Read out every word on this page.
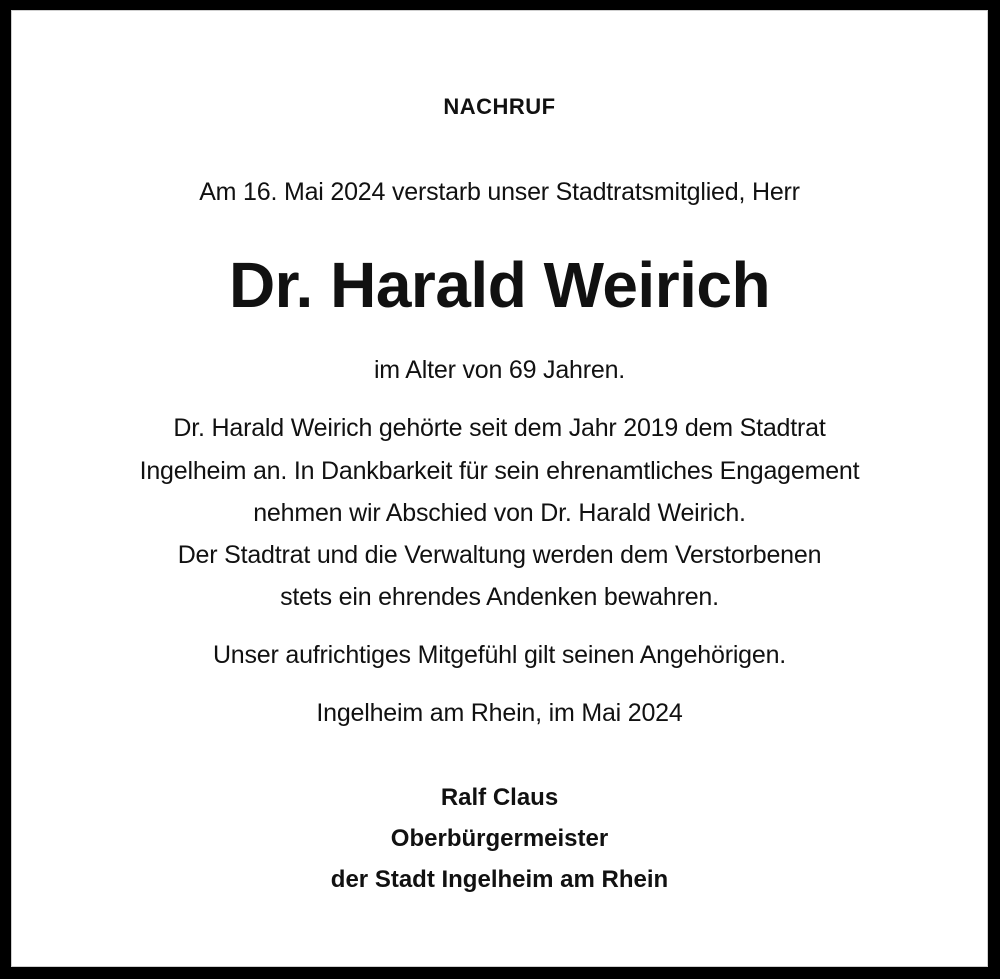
NACHRUF
Am 16. Mai 2024 verstarb unser Stadtratsmitglied, Herr
Dr. Harald Weirich
im Alter von 69 Jahren.
Dr. Harald Weirich gehörte seit dem Jahr 2019 dem Stadtrat
Ingelheim an. In Dankbarkeit für sein ehrenamtliches Engagement
nehmen wir Abschied von Dr. Harald Weirich.
Der Stadtrat und die Verwaltung werden dem Verstorbenen
stets ein ehrendes Andenken bewahren.
Unser aufrichtiges Mitgefühl gilt seinen Angehörigen.
Ingelheim am Rhein, im Mai 2024
Ralf Claus
Oberbürgermeister
der Stadt Ingelheim am Rhein
